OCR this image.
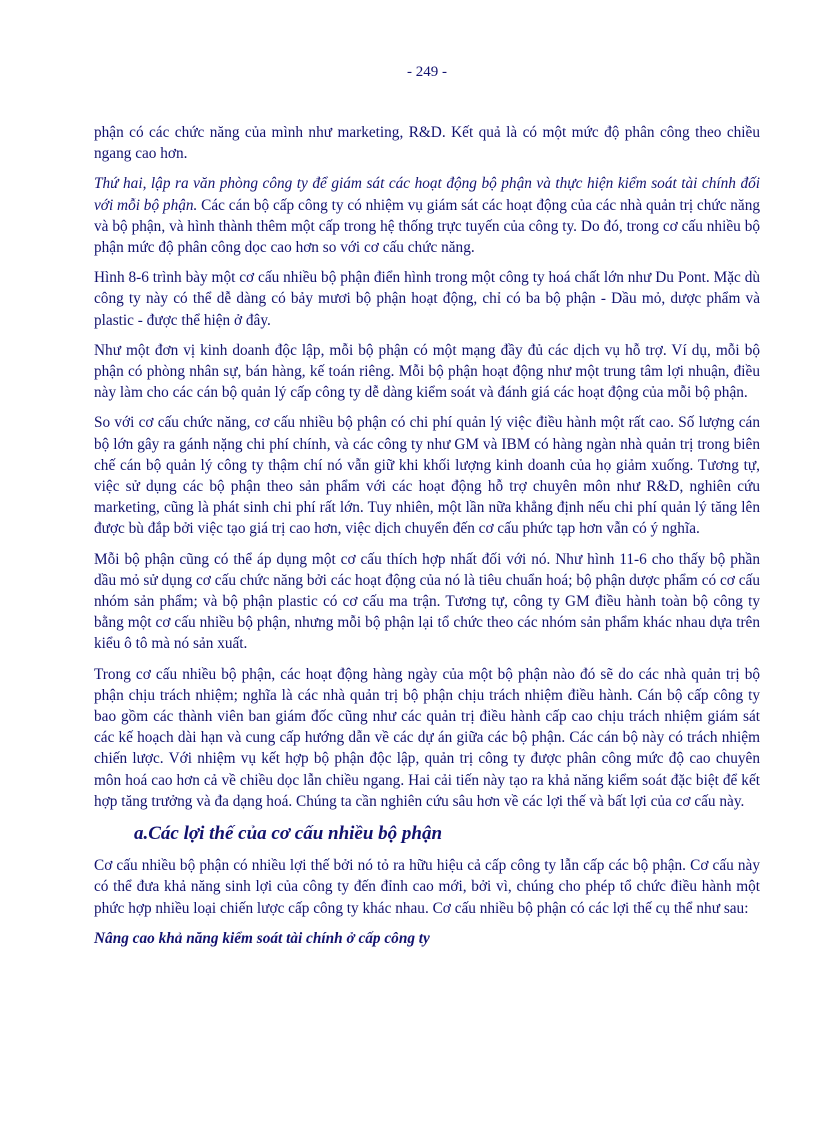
- 249 -

phận có các chức năng của mình như marketing, R&D. Kết quả là có một mức độ phân công theo chiều ngang cao hơn.

Thứ hai, lập ra văn phòng công ty để giám sát các hoạt động bộ phận và thực hiện kiểm soát tài chính đối với mỗi bộ phận. Các cán bộ cấp công ty có nhiệm vụ giám sát các hoạt động của các nhà quản trị chức năng và bộ phận, và hình thành thêm một cấp trong hệ thống trực tuyến của công ty. Do đó, trong cơ cấu nhiều bộ phận mức độ phân công dọc cao hơn so với cơ cấu chức năng.

Hình 8-6 trình bày một cơ cấu nhiều bộ phận điển hình trong một công ty hoá chất lớn như Du Pont. Mặc dù công ty này có thể dễ dàng có bảy mươi bộ phận hoạt động, chỉ có ba bộ phận - Dầu mỏ, dược phẩm và plastic - được thể hiện ở đây.

Như một đơn vị kinh doanh độc lập, mỗi bộ phận có một mạng đầy đủ các dịch vụ hỗ trợ. Ví dụ, mỗi bộ phận có phòng nhân sự, bán hàng, kế toán riêng. Mỗi bộ phận hoạt động như một trung tâm lợi nhuận, điều này làm cho các cán bộ quản lý cấp công ty dễ dàng kiểm soát và đánh giá các hoạt động của mỗi bộ phận.

So với cơ cấu chức năng, cơ cấu nhiều bộ phận có chi phí quản lý việc điều hành một rất cao. Số lượng cán bộ lớn gây ra gánh nặng chi phí chính, và các công ty như GM và IBM có hàng ngàn nhà quản trị trong biên chế cán bộ quản lý công ty thậm chí nó vẫn giữ khi khối lượng kinh doanh của họ giảm xuống. Tương tự, việc sử dụng các bộ phận theo sản phẩm với các hoạt động hỗ trợ chuyên môn như R&D, nghiên cứu marketing, cũng là phát sinh chi phí rất lớn. Tuy nhiên, một lần nữa khẳng định nếu chi phí quản lý tăng lên được bù đắp bởi việc tạo giá trị cao hơn, việc dịch chuyển đến cơ cấu phức tạp hơn vẫn có ý nghĩa.

Mỗi bộ phận cũng có thể áp dụng một cơ cấu thích hợp nhất đối với nó. Như hình 11-6 cho thấy bộ phần dầu mỏ sử dụng cơ cấu chức năng bởi các hoạt động của nó là tiêu chuẩn hoá; bộ phận dược phẩm có cơ cấu nhóm sản phẩm; và bộ phận plastic có cơ cấu ma trận. Tương tự, công ty GM điều hành toàn bộ công ty bằng một cơ cấu nhiều bộ phận, nhưng mỗi bộ phận lại tổ chức theo các nhóm sản phẩm khác nhau dựa trên kiểu ô tô mà nó sản xuất.

Trong cơ cấu nhiều bộ phận, các hoạt động hàng ngày của một bộ phận nào đó sẽ do các nhà quản trị bộ phận chịu trách nhiệm; nghĩa là các nhà quản trị bộ phận chịu trách nhiệm điều hành. Cán bộ cấp công ty bao gồm các thành viên ban giám đốc cũng như các quản trị điều hành cấp cao chịu trách nhiệm giám sát các kế hoạch dài hạn và cung cấp hướng dẫn về các dự án giữa các bộ phận. Các cán bộ này có trách nhiệm chiến lược. Với nhiệm vụ kết hợp bộ phận độc lập, quản trị công ty được phân công mức độ cao chuyên môn hoá cao hơn cả về chiều dọc lẫn chiều ngang. Hai cải tiến này tạo ra khả năng kiểm soát đặc biệt để kết hợp tăng trưởng và đa dạng hoá. Chúng ta cần nghiên cứu sâu hơn về các lợi thế và bất lợi của cơ cấu này.

a.Các lợi thế của cơ cấu nhiều bộ phận

Cơ cấu nhiều bộ phận có nhiều lợi thế bởi nó tỏ ra hữu hiệu cả cấp công ty lẫn cấp các bộ phận. Cơ cấu này có thể đưa khả năng sinh lợi của công ty đến đỉnh cao mới, bởi vì, chúng cho phép tổ chức điều hành một phức hợp nhiều loại chiến lược cấp công ty khác nhau. Cơ cấu nhiều bộ phận có các lợi thế cụ thể như sau:

Nâng cao khả năng kiểm soát tài chính ở cấp công ty
